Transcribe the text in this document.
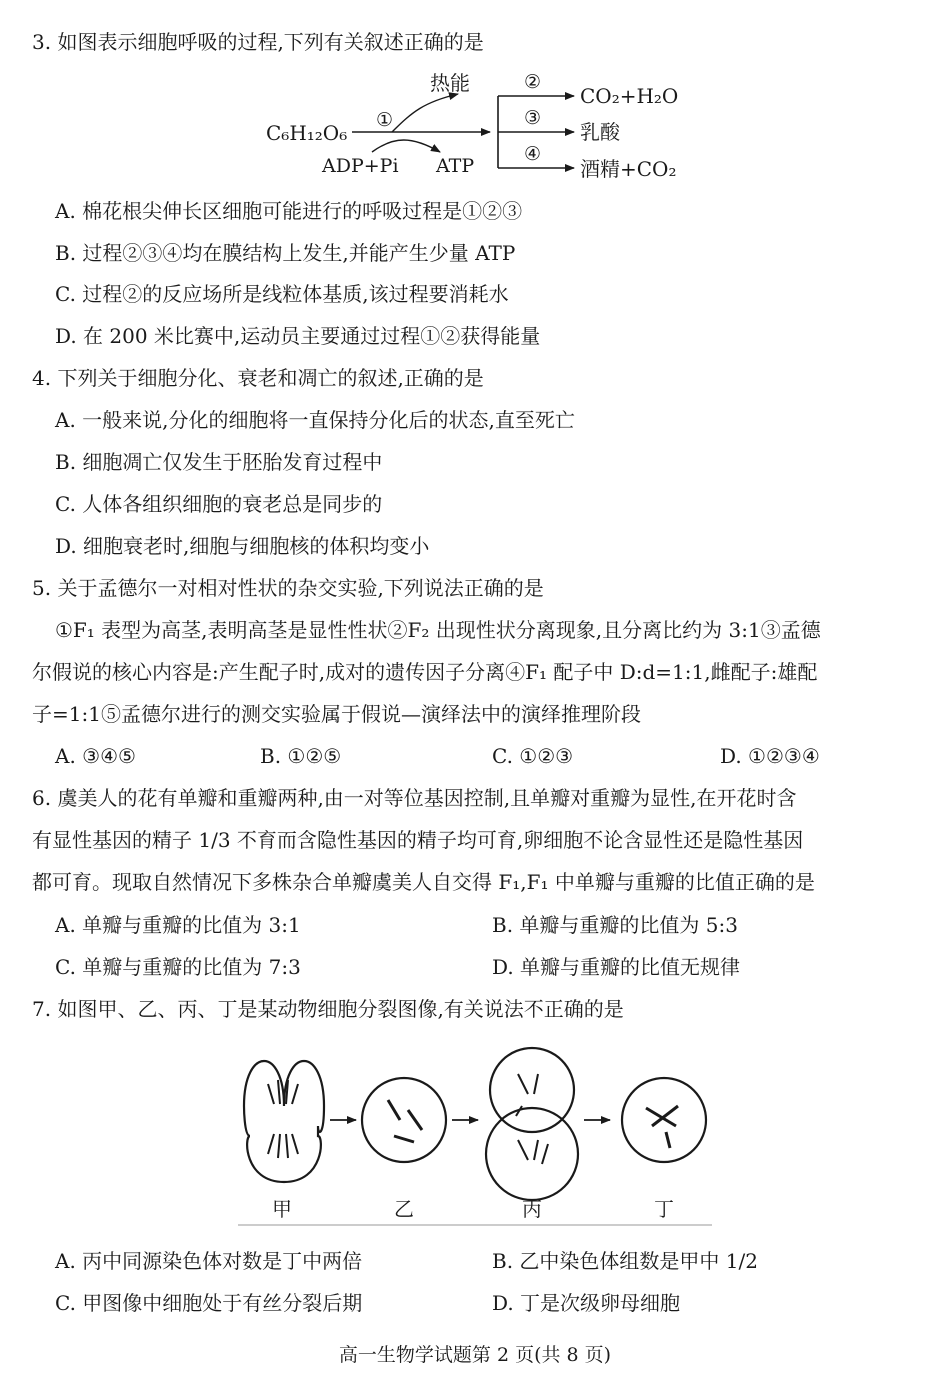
3. 如图表示细胞呼吸的过程,下列有关叙述正确的是
C₆H₁₂O₆
①
热能
ADP+Pi ATP
②
③
④
CO₂+H₂O
乳酸
酒精+CO₂
A. 棉花根尖伸长区细胞可能进行的呼吸过程是①②③
B. 过程②③④均在膜结构上发生,并能产生少量 ATP
C. 过程②的反应场所是线粒体基质,该过程要消耗水
D. 在 200 米比赛中,运动员主要通过过程①②获得能量
4. 下列关于细胞分化、衰老和凋亡的叙述,正确的是
A. 一般来说,分化的细胞将一直保持分化后的状态,直至死亡
B. 细胞凋亡仅发生于胚胎发育过程中
C. 人体各组织细胞的衰老总是同步的
D. 细胞衰老时,细胞与细胞核的体积均变小
5. 关于孟德尔一对相对性状的杂交实验,下列说法正确的是
①F₁ 表型为高茎,表明高茎是显性性状②F₂ 出现性状分离现象,且分离比约为 3:1③孟德
尔假说的核心内容是:产生配子时,成对的遗传因子分离④F₁ 配子中 D:d=1:1,雌配子:雄配
子=1:1⑤孟德尔进行的测交实验属于假说—演绎法中的演绎推理阶段
A. ③④⑤	B. ①②⑤	C. ①②③	D. ①②③④
6. 虞美人的花有单瓣和重瓣两种,由一对等位基因控制,且单瓣对重瓣为显性,在开花时含
有显性基因的精子 1/3 不育而含隐性基因的精子均可育,卵细胞不论含显性还是隐性基因
都可育。现取自然情况下多株杂合单瓣虞美人自交得 F₁,F₁ 中单瓣与重瓣的比值正确的是
A. 单瓣与重瓣的比值为 3:1	B. 单瓣与重瓣的比值为 5:3
C. 单瓣与重瓣的比值为 7:3	D. 单瓣与重瓣的比值无规律
7. 如图甲、乙、丙、丁是某动物细胞分裂图像,有关说法不正确的是
甲	乙	丙	丁
A. 丙中同源染色体对数是丁中两倍	B. 乙中染色体组数是甲中 1/2
C. 甲图像中细胞处于有丝分裂后期	D. 丁是次级卵母细胞
高一生物学试题第 2 页(共 8 页)
